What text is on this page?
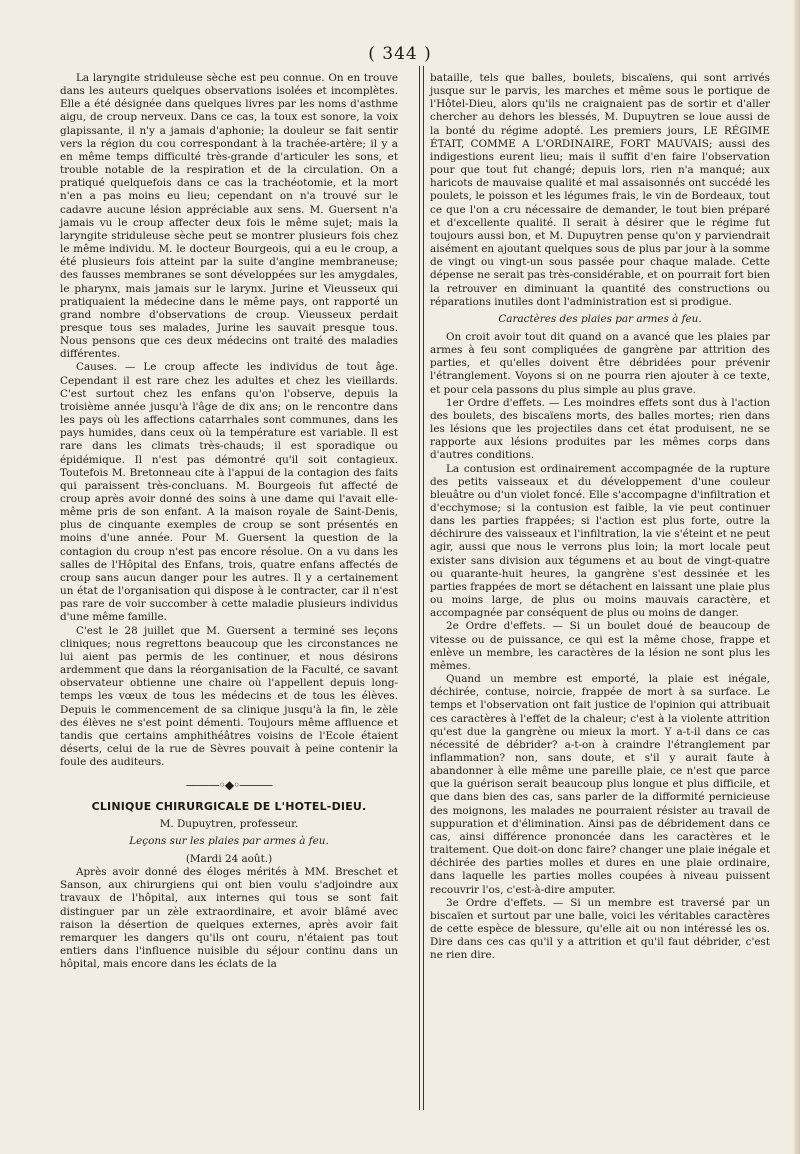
( 344 )

La laryngite striduleuse sèche est peu connue. On en trouve dans les auteurs quelques observations isolées et incomplètes. Elle a été désignée dans quelques livres par les noms d'asthme aigu, de croup nerveux. Dans ce cas, la toux est sonore, la voix glapissante, il n'y a jamais d'aphonie; la douleur se fait sentir vers la région du cou correspondant à la trachée-artère; il y a en même temps difficulté très-grande d'articuler les sons, et trouble notable de la respiration et de la circulation. On a pratiqué quelquefois dans ce cas la trachéotomie, et la mort n'en a pas moins eu lieu; cependant on n'a trouvé sur le cadavre aucune lésion appréciable aux sens. M. Guersent n'a jamais vu le croup affecter deux fois le même sujet; mais la laryngite striduleuse sèche peut se montrer plusieurs fois chez le même individu. M. le docteur Bourgeois, qui a eu le croup, a été plusieurs fois atteint par la suite d'angine membraneuse; des fausses membranes se sont développées sur les amygdales, le pharynx, mais jamais sur le larynx. Jurine et Vieusseux qui pratiquaient la médecine dans le même pays, ont rapporté un grand nombre d'observations de croup. Vieusseux perdait presque tous ses malades, Jurine les sauvait presque tous. Nous pensons que ces deux médecins ont traité des maladies différentes.

Causes. — Le croup affecte les individus de tout âge. Cependant il est rare chez les adultes et chez les vieillards. C'est surtout chez les enfans qu'on l'observe, depuis la troisième année jusqu'à l'âge de dix ans; on le rencontre dans les pays où les affections catarrhales sont communes, dans les pays humides, dans ceux où la température est variable. Il est rare dans les climats très-chauds; il est sporadique ou épidémique. Il n'est pas démontré qu'il soit contagieux. Toutefois M. Bretonneau cite à l'appui de la contagion des faits qui paraissent très-concluans. M. Bourgeois fut affecté de croup après avoir donné des soins à une dame qui l'avait elle-même pris de son enfant. A la maison royale de Saint-Denis, plus de cinquante exemples de croup se sont présentés en moins d'une année. Pour M. Guersent la question de la contagion du croup n'est pas encore résolue. On a vu dans les salles de l'Hôpital des Enfans, trois, quatre enfans affectés de croup sans aucun danger pour les autres. Il y a certainement un état de l'organisation qui dispose à le contracter, car il n'est pas rare de voir succomber à cette maladie plusieurs individus d'une même famille.

C'est le 28 juillet que M. Guersent a terminé ses leçons cliniques; nous regrettons beaucoup que les circonstances ne lui aient pas permis de les continuer, et nous désirons ardemment que dans la réorganisation de la Faculté, ce savant observateur obtienne une chaire où l'appellent depuis long-temps les vœux de tous les médecins et de tous les élèves. Depuis le commencement de sa clinique jusqu'à la fin, le zèle des élèves ne s'est point démenti. Toujours même affluence et tandis que certains amphithéâtres voisins de l'Ecole étaient déserts, celui de la rue de Sèvres pouvait à peine contenir la foule des auditeurs.

———◦◆◦———
CLINIQUE CHIRURGICALE DE L'HOTEL-DIEU.

M. Dupuytren, professeur.

Leçons sur les plaies par armes à feu.

(Mardi 24 août.)

Après avoir donné des éloges mérités à MM. Breschet et Sanson, aux chirurgiens qui ont bien voulu s'adjoindre aux travaux de l'hôpital, aux internes qui tous se sont fait distinguer par un zèle extraordinaire, et avoir blâmé avec raison la désertion de quelques externes, après avoir fait remarquer les dangers qu'ils ont couru, n'étaient pas tout entiers dans l'influence nuisible du séjour continu dans un hôpital, mais encore dans les éclats de la

bataille, tels que balles, boulets, biscaïens, qui sont arrivés jusque sur le parvis, les marches et même sous le portique de l'Hôtel-Dieu, alors qu'ils ne craignaient pas de sortir et d'aller chercher au dehors les blessés, M. Dupuytren se loue aussi de la bonté du régime adopté. Les premiers jours, LE RÉGIME ÉTAIT, COMME A L'ORDINAIRE, FORT MAUVAIS; aussi des indigestions eurent lieu; mais il suffit d'en faire l'observation pour que tout fut changé; depuis lors, rien n'a manqué; aux haricots de mauvaise qualité et mal assaisonnés ont succédé les poulets, le poisson et les légumes frais, le vin de Bordeaux, tout ce que l'on a cru nécessaire de demander, le tout bien préparé et d'excellente qualité. Il serait à désirer que le régime fut toujours aussi bon, et M. Dupuytren pense qu'on y parviendrait aisément en ajoutant quelques sous de plus par jour à la somme de vingt ou vingt-un sous passée pour chaque malade. Cette dépense ne serait pas très-considérable, et on pourrait fort bien la retrouver en diminuant la quantité des constructions ou réparations inutiles dont l'administration est si prodigue.

Caractères des plaies par armes à feu.

On croit avoir tout dit quand on a avancé que les plaies par armes à feu sont compliquées de gangrène par attrition des parties, et qu'elles doivent être débridées pour prévenir l'étranglement. Voyons si on ne pourra rien ajouter à ce texte, et pour cela passons du plus simple au plus grave.

1er Ordre d'effets. — Les moindres effets sont dus à l'action des boulets, des biscaïens morts, des balles mortes; rien dans les lésions que les projectiles dans cet état produisent, ne se rapporte aux lésions produites par les mêmes corps dans d'autres conditions.

La contusion est ordinairement accompagnée de la rupture des petits vaisseaux et du développement d'une couleur bleuâtre ou d'un violet foncé. Elle s'accompagne d'infiltration et d'ecchymose; si la contusion est faible, la vie peut continuer dans les parties frappées; si l'action est plus forte, outre la déchirure des vaisseaux et l'infiltration, la vie s'éteint et ne peut agir, aussi que nous le verrons plus loin; la mort locale peut exister sans division aux tégumens et au bout de vingt-quatre ou quarante-huit heures, la gangrène s'est dessinée et les parties frappées de mort se détachent en laissant une plaie plus ou moins large, de plus ou moins mauvais caractère, et accompagnée par conséquent de plus ou moins de danger.

2e Ordre d'effets. — Si un boulet doué de beaucoup de vitesse ou de puissance, ce qui est la même chose, frappe et enlève un membre, les caractères de la lésion ne sont plus les mêmes.

Quand un membre est emporté, la plaie est inégale, déchirée, contuse, noircie, frappée de mort à sa surface. Le temps et l'observation ont fait justice de l'opinion qui attribuait ces caractères à l'effet de la chaleur; c'est à la violente attrition qu'est due la gangrène ou mieux la mort. Y a-t-il dans ce cas nécessité de débrider? a-t-on à craindre l'étranglement par inflammation? non, sans doute, et s'il y aurait faute à abandonner à elle même une pareille plaie, ce n'est que parce que la guérison serait beaucoup plus longue et plus difficile, et que dans bien des cas, sans parler de la difformité pernicieuse des moignons, les malades ne pourraient résister au travail de suppuration et d'élimination. Ainsi pas de débridement dans ce cas, ainsi différence prononcée dans les caractères et le traitement. Que doit-on donc faire? changer une plaie inégale et déchirée des parties molles et dures en une plaie ordinaire, dans laquelle les parties molles coupées à niveau puissent recouvrir l'os, c'est-à-dire amputer.

3e Ordre d'effets. — Si un membre est traversé par un biscaïen et surtout par une balle, voici les véritables caractères de cette espèce de blessure, qu'elle ait ou non intéressé les os. Dire dans ces cas qu'il y a attrition et qu'il faut débrider, c'est ne rien dire.
